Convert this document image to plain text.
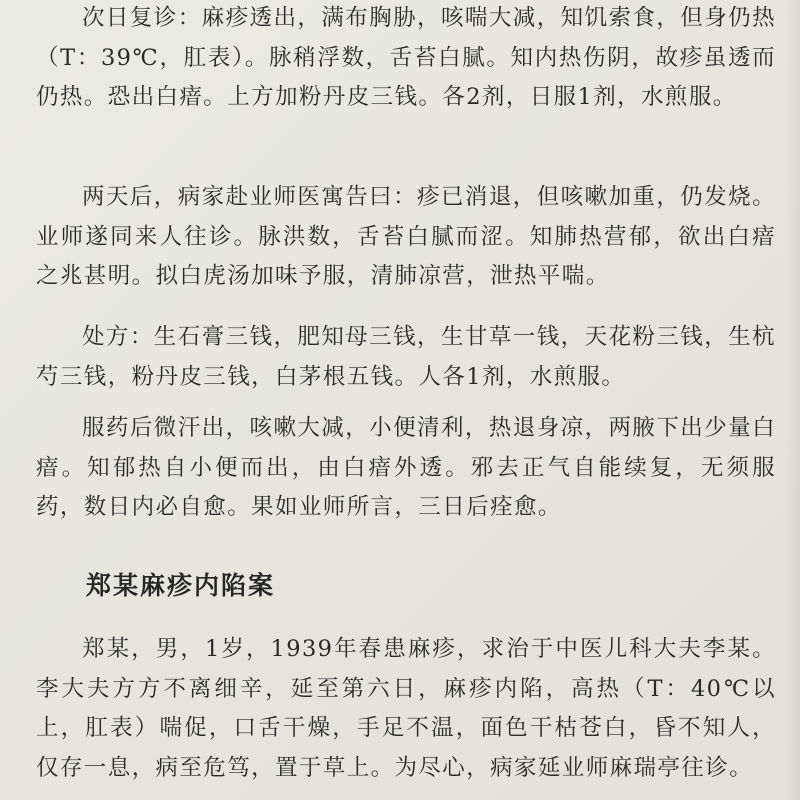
次日复诊：麻疹透出，满布胸胁，咳喘大减，知饥索食，但身仍热（T：39℃，肛表）。脉稍浮数，舌苔白腻。知内热伤阴，故疹虽透而仍热。恐出白瘖。上方加粉丹皮三钱。各2剂，日服1剂，水煎服。

两天后，病家赴业师医寓告曰：疹已消退，但咳嗽加重，仍发烧。业师遂同来人往诊。脉洪数，舌苔白腻而涩。知肺热营郁，欲出白瘖之兆甚明。拟白虎汤加味予服，清肺凉营，泄热平喘。

处方：生石膏三钱，肥知母三钱，生甘草一钱，天花粉三钱，生杭芍三钱，粉丹皮三钱，白茅根五钱。人各1剂，水煎服。

服药后微汗出，咳嗽大减，小便清利，热退身凉，两腋下出少量白瘖。知郁热自小便而出，由白瘖外透。邪去正气自能续复，无须服药，数日内必自愈。果如业师所言，三日后痊愈。

郑某麻疹内陷案

郑某，男，1岁，1939年春患麻疹，求治于中医儿科大夫李某。李大夫方方不离细辛，延至第六日，麻疹内陷，高热（T：40℃以上，肛表）喘促，口舌干燥，手足不温，面色干枯苍白，昏不知人，仅存一息，病至危笃，置于草上。为尽心，病家延业师麻瑞亭往诊。
